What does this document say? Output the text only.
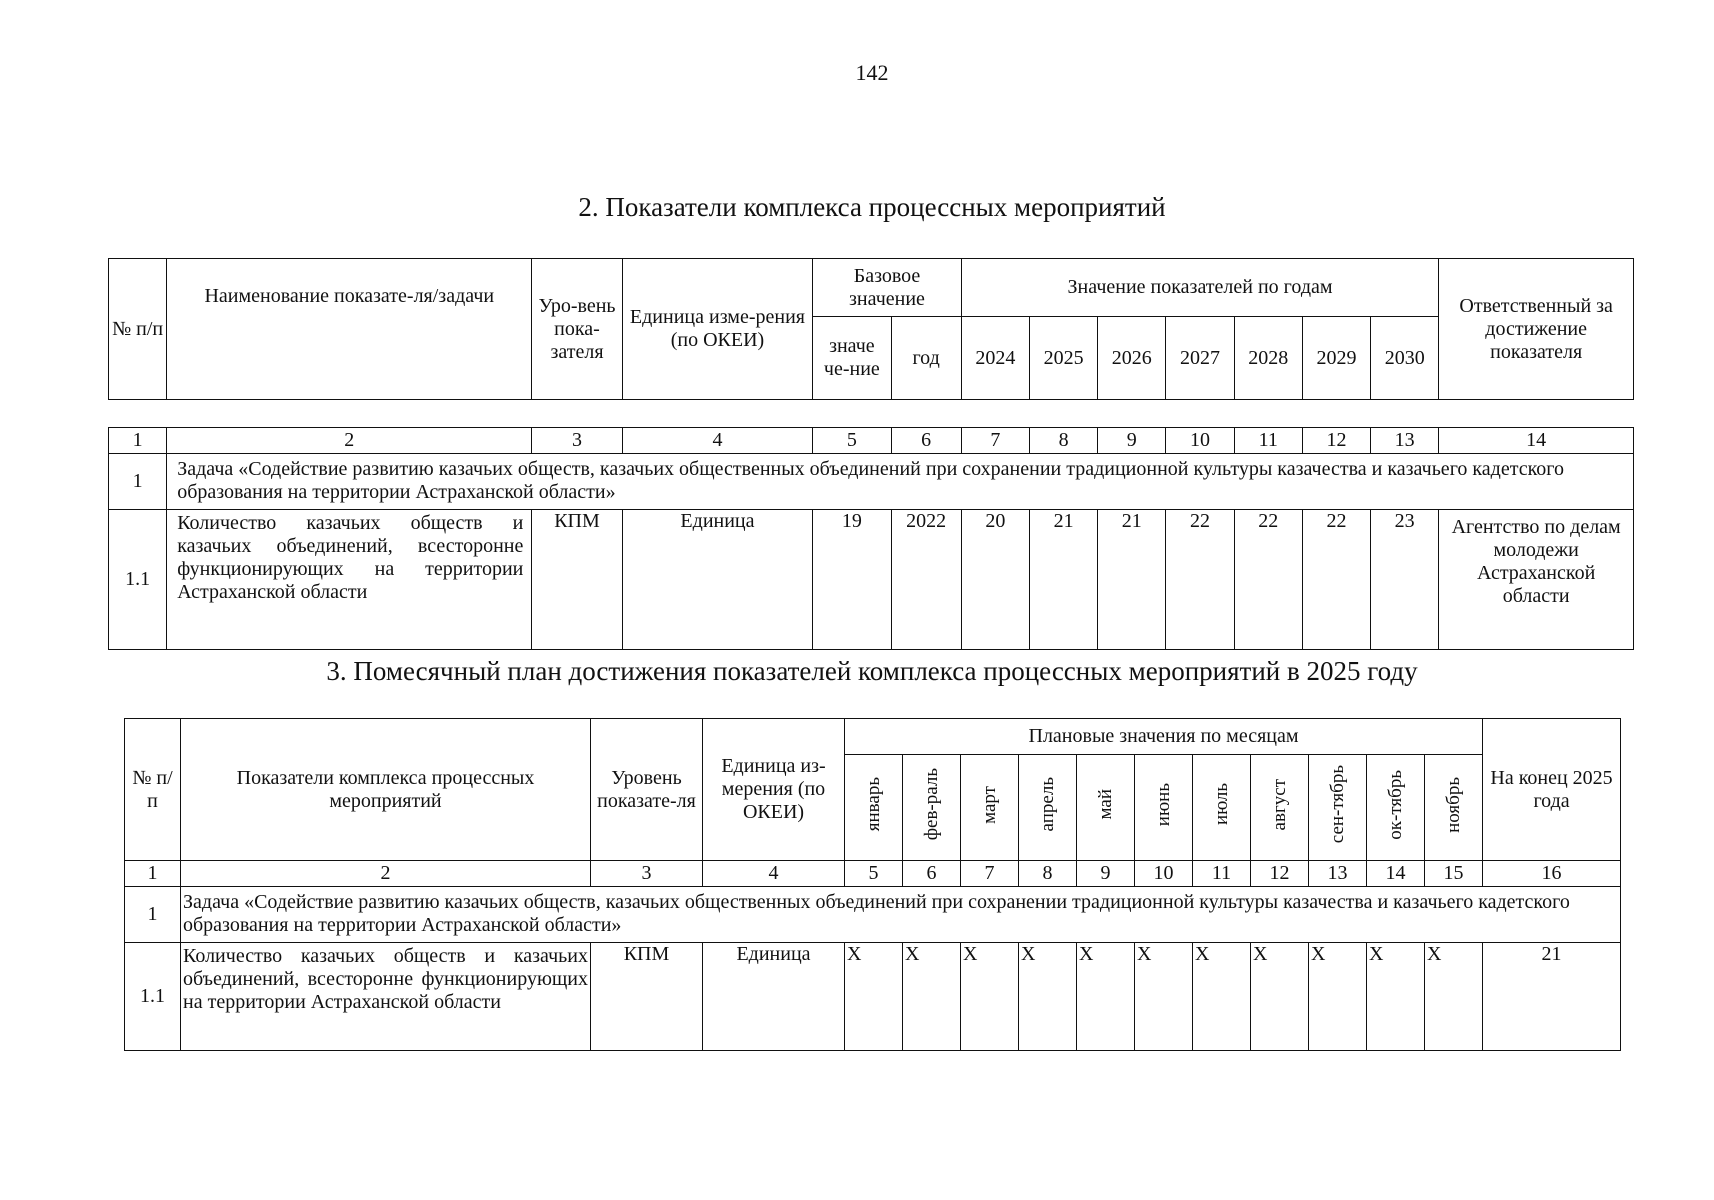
142
2. Показатели комплекса процессных мероприятий
№ п/п	Наименование показате-ля/задачи	Уро-вень пока-зателя	Единица изме-рения (по ОКЕИ)	Базовое значение		Значение показателей по годам							Ответственный за достижение показателя
				значе че-ние	год	2024	2025	2026	2027	2028	2029	2030	
1	2	3	4	5	6	7	8	9	10	11	12	13	14
1	Задача «Содействие развитию казачьих обществ, казачьих общественных объединений при сохранении традиционной культуры казачества и казачьего кадетского образования на территории Астраханской области»												
1.1	Количество казачьих обществ и казачьих объединений, всесторонне функционирующих на территории Астраханской области	КПМ	Единица	19	2022	20	21	21	22	22	22	23	Агентство по делам молодежи Астраханской области
3. Помесячный план достижения показателей комплекса процессных мероприятий в 2025 году
№ п/п	Показатели комплекса процессных мероприятий	Уровень показате-ля	Единица из-мерения (по ОКЕИ)	Плановые значения по месяцам											На конец 2025 года
				январь	фев-раль	март	апрель	май	июнь	июль	август	сен-тябрь	ок-тябрь	ноябрь	
1	2	3	4	5	6	7	8	9	10	11	12	13	14	15	16
1	Задача «Содействие развитию казачьих обществ, казачьих общественных объединений при сохранении традиционной культуры казачества и казачьего кадетского образования на территории Астраханской области»														
1.1	Количество казачьих обществ и казачьих объединений, всесторонне функционирующих на территории Астраханской области	КПМ	Единица	X	X	X	X	X	X	X	X	X	X	X	21
